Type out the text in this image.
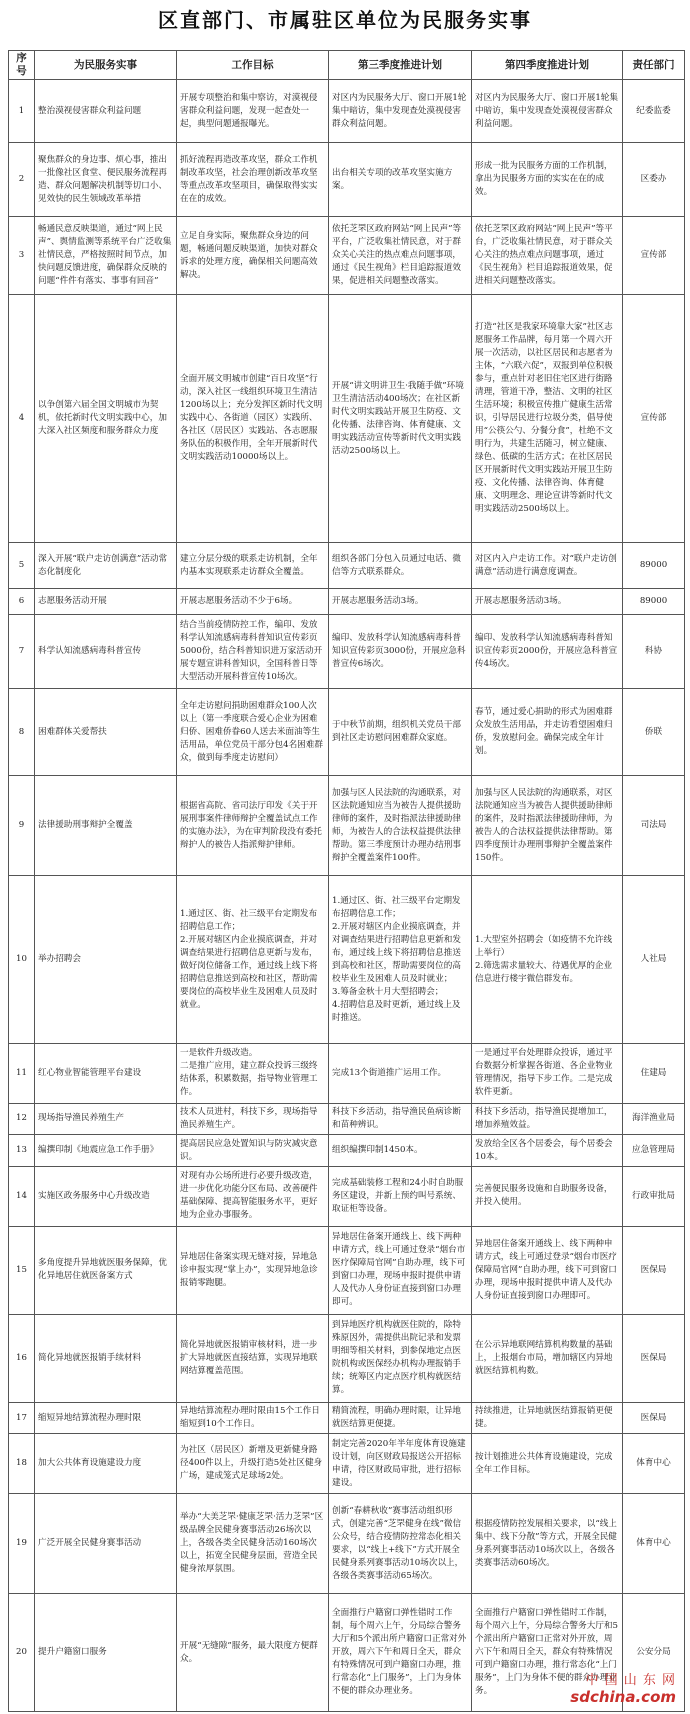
区直部门、市属驻区单位为民服务实事
序号	为民服务实事	工作目标	第三季度推进计划	第四季度推进计划	责任部门
1	整治漠视侵害群众利益问题	开展专项整治和集中察访，对漠视侵害群众利益问题，发现一起查处一起，典型问题通报曝光。	对区内为民服务大厅、窗口开展1轮集中暗访，集中发现查处漠视侵害群众利益问题。	对区内为民服务大厅、窗口开展1轮集中暗访，集中发现查处漠视侵害群众利益问题。	纪委监委
2	聚焦群众的身边事、烦心事，推出一批像社区食堂、便民服务流程再造、群众问题解决机制等切口小、见效快的民生领域改革举措	抓好流程再造改革攻坚，群众工作机制改革攻坚，社会治理创新改革攻坚等重点改革攻坚项目，确保取得实实在在的成效。	出台相关专项的改革攻坚实施方案。	形成一批为民服务方面的工作机制，拿出为民服务方面的实实在在的成效。	区委办
3	畅通民意反映渠道，通过“网上民声”、舆情监测等系统平台广泛收集社情民意，严格按照时间节点，加快问题反馈进度，确保群众反映的问题“件件有落实、事事有回音”	立足自身实际，聚焦群众身边的问题，畅通问题反映渠道，加快对群众诉求的处理方度，确保相关问题高效解决。	依托芝罘区政府网站“网上民声”等平台，广泛收集社情民意，对于群众关心关注的热点难点问题事项，通过《民生视角》栏目追踪报道效果，促进相关问题整改落实。	依托芝罘区政府网站“网上民声”等平台，广泛收集社情民意，对于群众关心关注的热点难点问题事项，通过《民生视角》栏目追踪报道效果，促进相关问题整改落实。	宣传部
4	以争创第六届全国文明城市为契机，依托新时代文明实践中心，加大深入社区频度和服务群众力度	全面开展文明城市创建“百日攻坚”行动，深入社区一线组织环境卫生清洁1200场以上；充分发挥区新时代文明实践中心、各街道（园区）实践所、各社区（居民区）实践站、各志愿服务队伍的积极作用，全年开展新时代文明实践活动10000场以上。	开展“讲文明讲卫生·我随手做”环境卫生清洁活动400场次；在社区新时代文明实践站开展卫生防疫、文化传播、法律咨询、体育健康、文明实践活动宣传等新时代文明实践活动2500场以上。	打造“社区是我家环境靠大家”社区志愿服务工作品牌，每月第一个周六开展一次活动，以社区居民和志愿者为主体，“六联六促”，双报到单位积极参与，重点针对老旧住宅区进行街路清理，管道干净，整洁、文明的社区生活环境；积极宣传推广健康生活常识，引导居民进行垃圾分类，倡导使用“公筷公勺、分餐分食”，杜绝不文明行为，共建生活随习，树立健康、绿色、低碳的生活方式；在社区居民区开展新时代文明实践站开展卫生防疫、文化传播、法律咨询、体育健康、文明理念、理论宣讲等新时代文明实践活动2500场以上。	宣传部
5	深入开展“联户走访创满意”活动常态化制度化	建立分层分级的联系走访机制，全年内基本实现联系走访群众全覆盖。	组织各部门分包入员通过电话、微信等方式联系群众。	对区内入户走访工作。对“联户走访创满意”活动进行满意度调查。	89000
6	志愿服务活动开展	开展志愿服务活动不少于6场。	开展志愿服务活动3场。	开展志愿服务活动3场。	89000
7	科学认知流感病毒科普宣传	结合当前疫情防控工作，编印、发放科学认知流感病毒科普知识宣传彩页5000份，结合科普知识进万家活动开展专题宣讲科普知识，全国科普日等大型活动开展科普宣传10场次。	编印、发放科学认知流感病毒科普知识宣传彩页3000份，开展应急科普宣传6场次。	编印、发放科学认知流感病毒科普知识宣传彩页2000份，开展应急科普宣传4场次。	科协
8	困难群体关爱帮扶	全年走访慰问捐助困难群众100人次以上（第一季度联合爱心企业为困难归侨、困难侨眷60人送去米面油等生活用品，单位党员干部分包4名困难群众，做到每季度走访慰问）	于中秋节前期，组织机关党员干部到社区走访慰问困难群众家庭。	春节，通过爱心捐助的形式为困难群众发放生活用品，并走访看望困难归侨，发放慰问金。确保完成全年计划。	侨联
9	法律援助刑事辩护全覆盖	根据省高院、省司法厅印发《关于开展刑事案件律师辩护全覆盖试点工作的实施办法》，为在审判阶段没有委托辩护人的被告人指派辩护律师。	加强与区人民法院的沟通联系，对区法院通知应当为被告人提供援助律师的案件，及时指派法律援助律师，为被告人的合法权益提供法律帮助。第三季度预计办理办结刑事辩护全覆盖案件100件。	加强与区人民法院的沟通联系，对区法院通知应当为被告人提供援助律师的案件，及时指派法律援助律师，为被告人的合法权益提供法律帮助。第四季度预计办理刑事辩护全覆盖案件150件。	司法局
10	举办招聘会	1.通过区、街、社三级平台定期发布招聘信息工作；
2.开展对辖区内企业摸底调查，并对调查结果进行招聘信息更新与发布，做好岗位储备工作，通过线上线下将招聘信息推送到高校和社区，帮助需要岗位的高校毕业生及困难人员及时就业。	1.通过区、街、社三级平台定期发布招聘信息工作；
2.开展对辖区内企业摸底调查，并对调查结果进行招聘信息更新和发布，通过线上线下将招聘信息推送到高校和社区，帮助需要岗位的高校毕业生及困难人员及时就业；
3.筹备金秋十月大型招聘会；
4.招聘信息及时更新，通过线上及时推送。	1.大型室外招聘会（如疫情不允许线上举行）
2.筛选需求量较大、待遇优厚的企业信息进行楼宇微信群发布。	人社局
11	红心物业智能管理平台建设	一是软件升级改造。
二是推广应用，建立群众投诉三级终结体系，积累数据，指导物业管理工作。	完成13个街道推广运用工作。	一是通过平台处理群众投诉，通过平台数据分析掌握各街道、各企业物业管理情况，指导下步工作。二是完成软件更新。	住建局
12	现场指导渔民养殖生产	技术人员进村，科技下乡，现场指导渔民养殖生产。	科技下乡活动，指导渔民鱼病诊断和苗种辨识。	科技下乡活动，指导渔民提增加工，增加养殖效益。	海洋渔业局
13	编撰印制《地震应急工作手册》	提高居民应急处置知识与防灾减灾意识。	组织编撰印制1450本。	发放给全区各个居委会，每个居委会10本。	应急管理局
14	实施区政务服务中心升级改造	对现有办公场所进行必要升级改造，进一步优化功能分区布局、改善硬件基础保障、提高智能服务水平，更好地为企业办事服务。	完成基础装修工程和24小时自助服务区建设，并新上预约叫号系统、取证柜等设备。	完善便民服务设施和自助服务设备，并投入使用。	行政审批局
15	多角度提升异地就医服务保障，优化异地居住就医备案方式	异地居住备案实现无缝对接，异地急诊申报实现“掌上办”，实现异地急诊报销零跑腿。	异地居住备案开通线上、线下两种申请方式，线上可通过登录“烟台市医疗保障局官网”自助办理，线下可到窗口办理，现场申报时提供申请人及代办人身份证直接到窗口办理即可。	异地居住备案开通线上、线下两种申请方式，线上可通过登录“烟台市医疗保障局官网”自助办理，线下可到窗口办理，现场申报时提供申请人及代办人身份证直接到窗口办理即可。	医保局
16	简化异地就医报销手续材料	简化异地就医报销审核材料，进一步扩大异地就医直接结算，实现异地联网结算覆盖范围。	到异地医疗机构就医住院的，除特殊原因外，需提供出院记录和发票明细等相关材料，到参保地定点医院机构或医保经办机构办理报销手续；统筹区内定点医疗机构就医结算。	在公示异地联网结算机构数量的基础上，上报烟台市局，增加辖区内异地就医结算机构数。	医保局
17	缩短异地结算流程办理时限	异地结算流程办理时限由15个工作日缩短到10个工作日。	精简流程，明确办理时限，让异地就医结算更便捷。	持续推进，让异地就医结算报销更便捷。	医保局
18	加大公共体育设施建设力度	为社区（居民区）新增及更新健身路径400件以上，升级打造5处社区健身广场，建成笼式足球场2处。	制定完善2020年半年度体育设施建设计划，向区财政局报送公开招标申请，待区财政局审批，进行招标建设。	按计划推进公共体育设施建设，完成全年工作目标。	体育中心
19	广泛开展全民健身赛事活动	举办“大美芝罘·健康芝罘·活力芝罘”区级品牌全民健身赛事活动26场次以上，各级各类全民健身活动160场次以上，拓宽全民健身层面，营造全民健身浓厚氛围。	创新“春耕秋收”赛事活动组织形式，创建完善“芝罘健身在线”微信公众号，结合疫情防控常态化相关要求，以“线上+线下”方式开展全民健身系列赛事活动10场次以上，各级各类赛事活动65场次。	根据疫情防控发展相关要求，以“线上集中、线下分散”等方式，开展全民健身系列赛事活动10场次以上，各级各类赛事活动60场次。	体育中心
20	提升户籍窗口服务	开展“无缝隙”服务，最大限度方便群众。	全面推行户籍窗口弹性错时工作制，每个周六上午，分局综合警务大厅和5个派出所户籍窗口正常对外开放，周六下午和周日全天，群众有特殊情况可到户籍窗口办理，推行常态化“上门服务”，上门为身体不便的群众办理业务。	全面推行户籍窗口弹性错时工作制，每个周六上午，分局综合警务大厅和5个派出所户籍窗口正常对外开放，周六下午和周日全天，群众有特殊情况可到户籍窗口办理，推行常态化“上门服务”，上门为身体不便的群众办理业务。	公安分局
中 国 山 东 网
sdchina.com
